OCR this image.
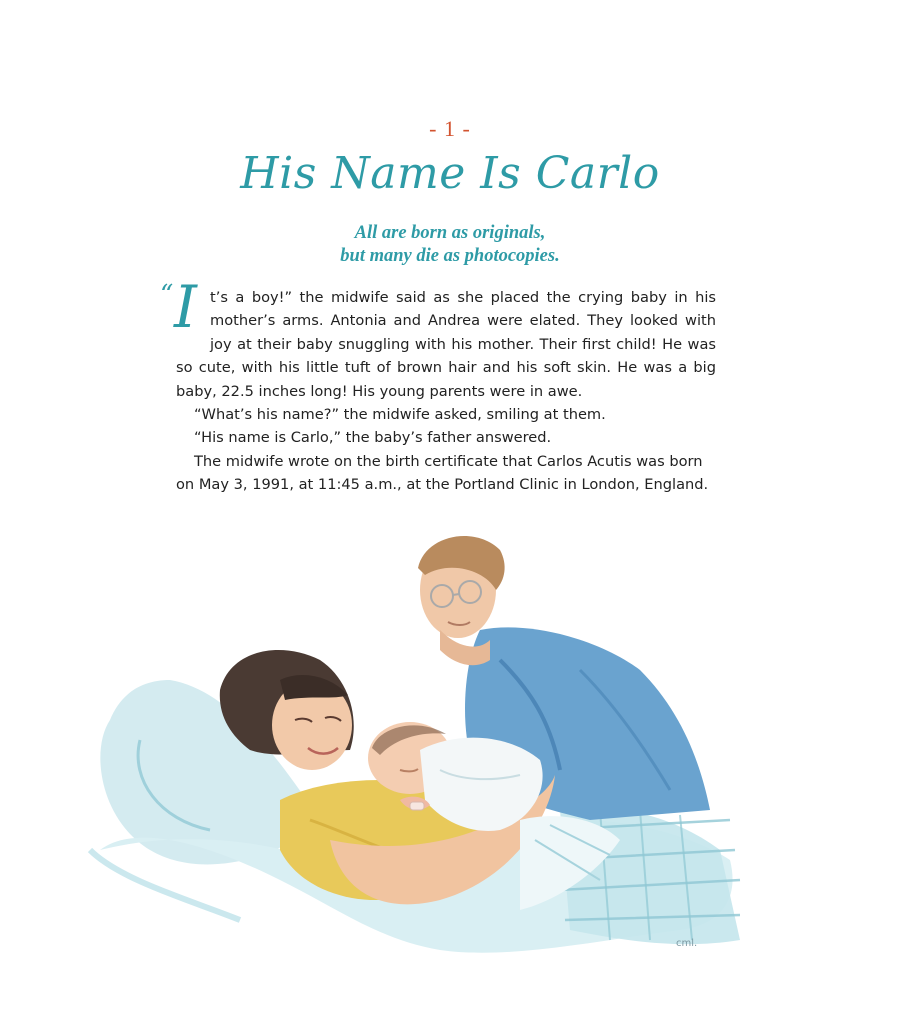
- 1 -
His Name Is Carlo
All are born as originals,
but many die as photocopies.

“ I t’s a boy!” the midwife said as she placed the crying baby in his mother’s arms. Antonia and Andrea were elated. They looked with joy at their baby snuggling with his mother. Their first child! He was so cute, with his little tuft of brown hair and his soft skin. He was a big baby, 22.5 inches long! His young parents were in awe.

“What’s his name?” the midwife asked, smiling at them.

“His name is Carlo,” the baby’s father answered.

The midwife wrote on the birth certificate that Carlos Acutis was born on May 3, 1991, at 11:45 a.m., at the Portland Clinic in London, England.

cml.
